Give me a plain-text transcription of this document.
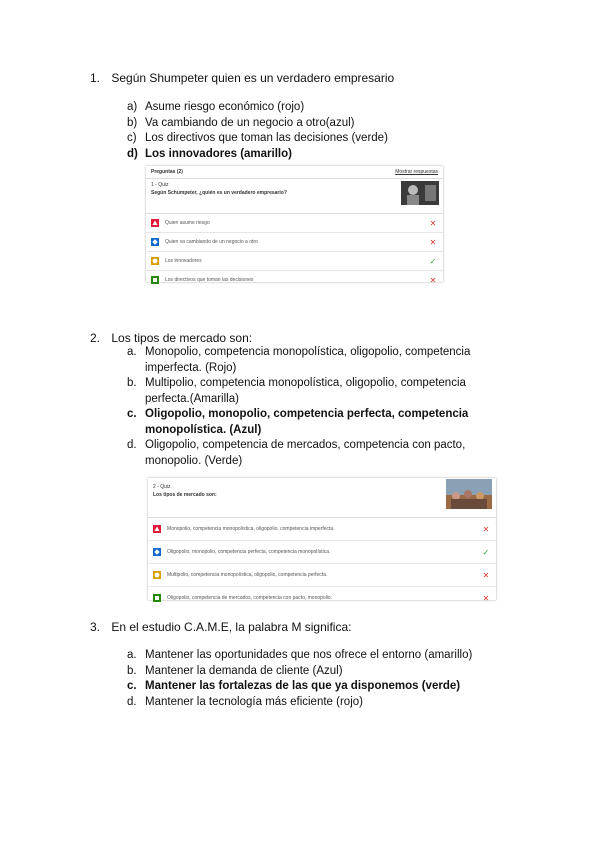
1. Según Shumpeter quien es un verdadero empresario
a) Asume riesgo económico (rojo)
b) Va cambiando de un negocio a otro(azul)
c) Los directivos que toman las decisiones (verde)
d) Los innovadores (amarillo)
Preguntas (2)	Mostrar respuestas
1 - Quiz
Según Schumpeter, ¿quién es un verdadero empresario?
Quien asume riesgo	✕
Quien va cambiando de un negocio a otro	✕
Los innovadores	✓
Los directivos que toman las decisiones	✕
2. Los tipos de mercado son:
a. Monopolio, competencia monopolística, oligopolio, competencia imperfecta. (Rojo)
b. Multipolio, competencia monopolística, oligopolio, competencia perfecta.(Amarilla)
c. Oligopolio, monopolio, competencia perfecta, competencia monopolística. (Azul)
d. Oligopolio, competencia de mercados, competencia con pacto, monopolio. (Verde)
2 - Quiz
Los tipos de mercado son:
Monopolio, competencia monopolística, oligopolio, competencia imperfecta.	✕
Oligopolio, monopolio, competencia perfecta, competencia monopolística.	✓
Multipolio, competencia monopolística, oligopolio, competencia perfecta.	✕
Oligopolio, competencia de mercados, competencia con pacto, monopolio.	✕
3. En el estudio C.A.M.E, la palabra M significa:
a. Mantener las oportunidades que nos ofrece el entorno (amarillo)
b. Mantener la demanda de cliente (Azul)
c. Mantener las fortalezas de las que ya disponemos (verde)
d. Mantener la tecnología más eficiente (rojo)
